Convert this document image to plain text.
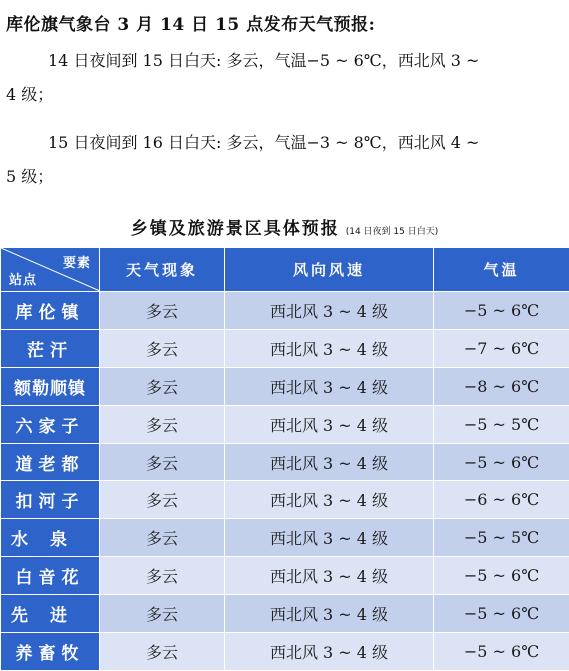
库伦旗气象台 3 月 14 日 15 点发布天气预报:
14 日夜间到 15 日白天: 多云，气温−5 ~ 6℃，西北风 3 ~
4 级；
15 日夜间到 16 日白天: 多云，气温−3 ~ 8℃，西北风 4 ~
5 级；
乡镇及旅游景区具体预报 (14 日夜到 15 日白天)
要素
站点	天气现象	风向风速	气温
库伦镇	多云	西北风 3 ~ 4 级	−5 ~ 6℃
茫汗	多云	西北风 3 ~ 4 级	−7 ~ 6℃
额勒顺镇	多云	西北风 3 ~ 4 级	−8 ~ 6℃
六家子	多云	西北风 3 ~ 4 级	−5 ~ 5℃
道老都	多云	西北风 3 ~ 4 级	−5 ~ 6℃
扣河子	多云	西北风 3 ~ 4 级	−6 ~ 6℃
水泉	多云	西北风 3 ~ 4 级	−5 ~ 5℃
白音花	多云	西北风 3 ~ 4 级	−5 ~ 6℃
先进	多云	西北风 3 ~ 4 级	−5 ~ 6℃
养畜牧	多云	西北风 3 ~ 4 级	−5 ~ 6℃
